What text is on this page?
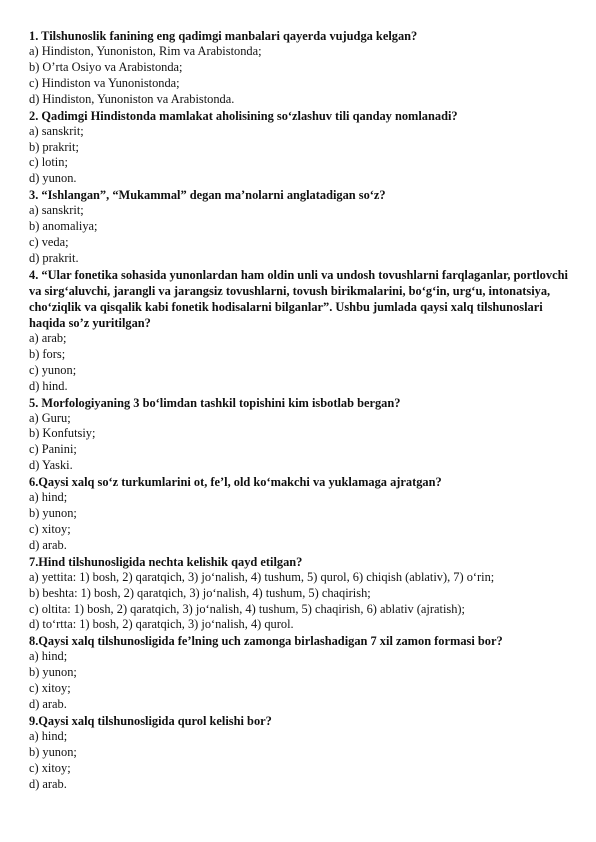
1. Tilshunoslik fanining eng qadimgi manbalari qayerda vujudga kelgan?

a) Hindiston, Yunoniston, Rim va Arabistonda;

b) O’rta Osiyo va Arabistonda;

c) Hindiston va Yunonistonda;

d) Hindiston, Yunoniston va Arabistonda.

2. Qadimgi Hindistonda mamlakat aholisining so‘zlashuv tili qanday nomlanadi?

a) sanskrit;

b) prakrit;

c) lotin;

d) yunon.

3. “Ishlangan”, “Mukammal” degan ma’nolarni anglatadigan so‘z?

a) sanskrit;

b) anomaliya;

c) veda;

d) prakrit.

4. “Ular fonetika sohasida yunonlardan ham oldin unli va undosh tovushlarni farqlaganlar, portlovchi va sirg‘aluvchi, jarangli va jarangsiz tovushlarni, tovush birikmalarini, bo‘g‘in, urg‘u, intonatsiya, cho‘ziqlik va qisqalik kabi fonetik hodisalarni bilganlar”. Ushbu jumlada qaysi xalq tilshunoslari haqida so’z yuritilgan?

a) arab;

b) fors;

c) yunon;

d) hind.

5. Morfologiyaning 3 bo‘limdan tashkil topishini kim isbotlab bergan?

a) Guru;

b) Konfutsiy;

c) Panini;

d) Yaski.

6.Qaysi xalq so‘z turkumlarini ot, fe’l, old ko‘makchi va yuklamaga ajratgan?

a) hind;

b) yunon;

c) xitoy;

d) arab.

7.Hind tilshunosligida nechta kelishik qayd etilgan?

a) yettita: 1) bosh, 2) qaratqich, 3) jo‘nalish, 4) tushum, 5) qurol, 6) chiqish (ablativ), 7) o‘rin;

b) beshta: 1) bosh, 2) qaratqich, 3) jo‘nalish, 4) tushum, 5) chaqirish;

c) oltita: 1) bosh, 2) qaratqich, 3) jo‘nalish, 4) tushum, 5) chaqirish, 6) ablativ (ajratish);

d) to‘rtta: 1) bosh, 2) qaratqich, 3) jo‘nalish, 4) qurol.

8.Qaysi xalq tilshunosligida fe’lning uch zamonga birlashadigan 7 xil zamon formasi bor?

a) hind;

b) yunon;

c) xitoy;

d) arab.

9.Qaysi xalq tilshunosligida qurol kelishi bor?

a) hind;

b) yunon;

c) xitoy;

d) arab.
